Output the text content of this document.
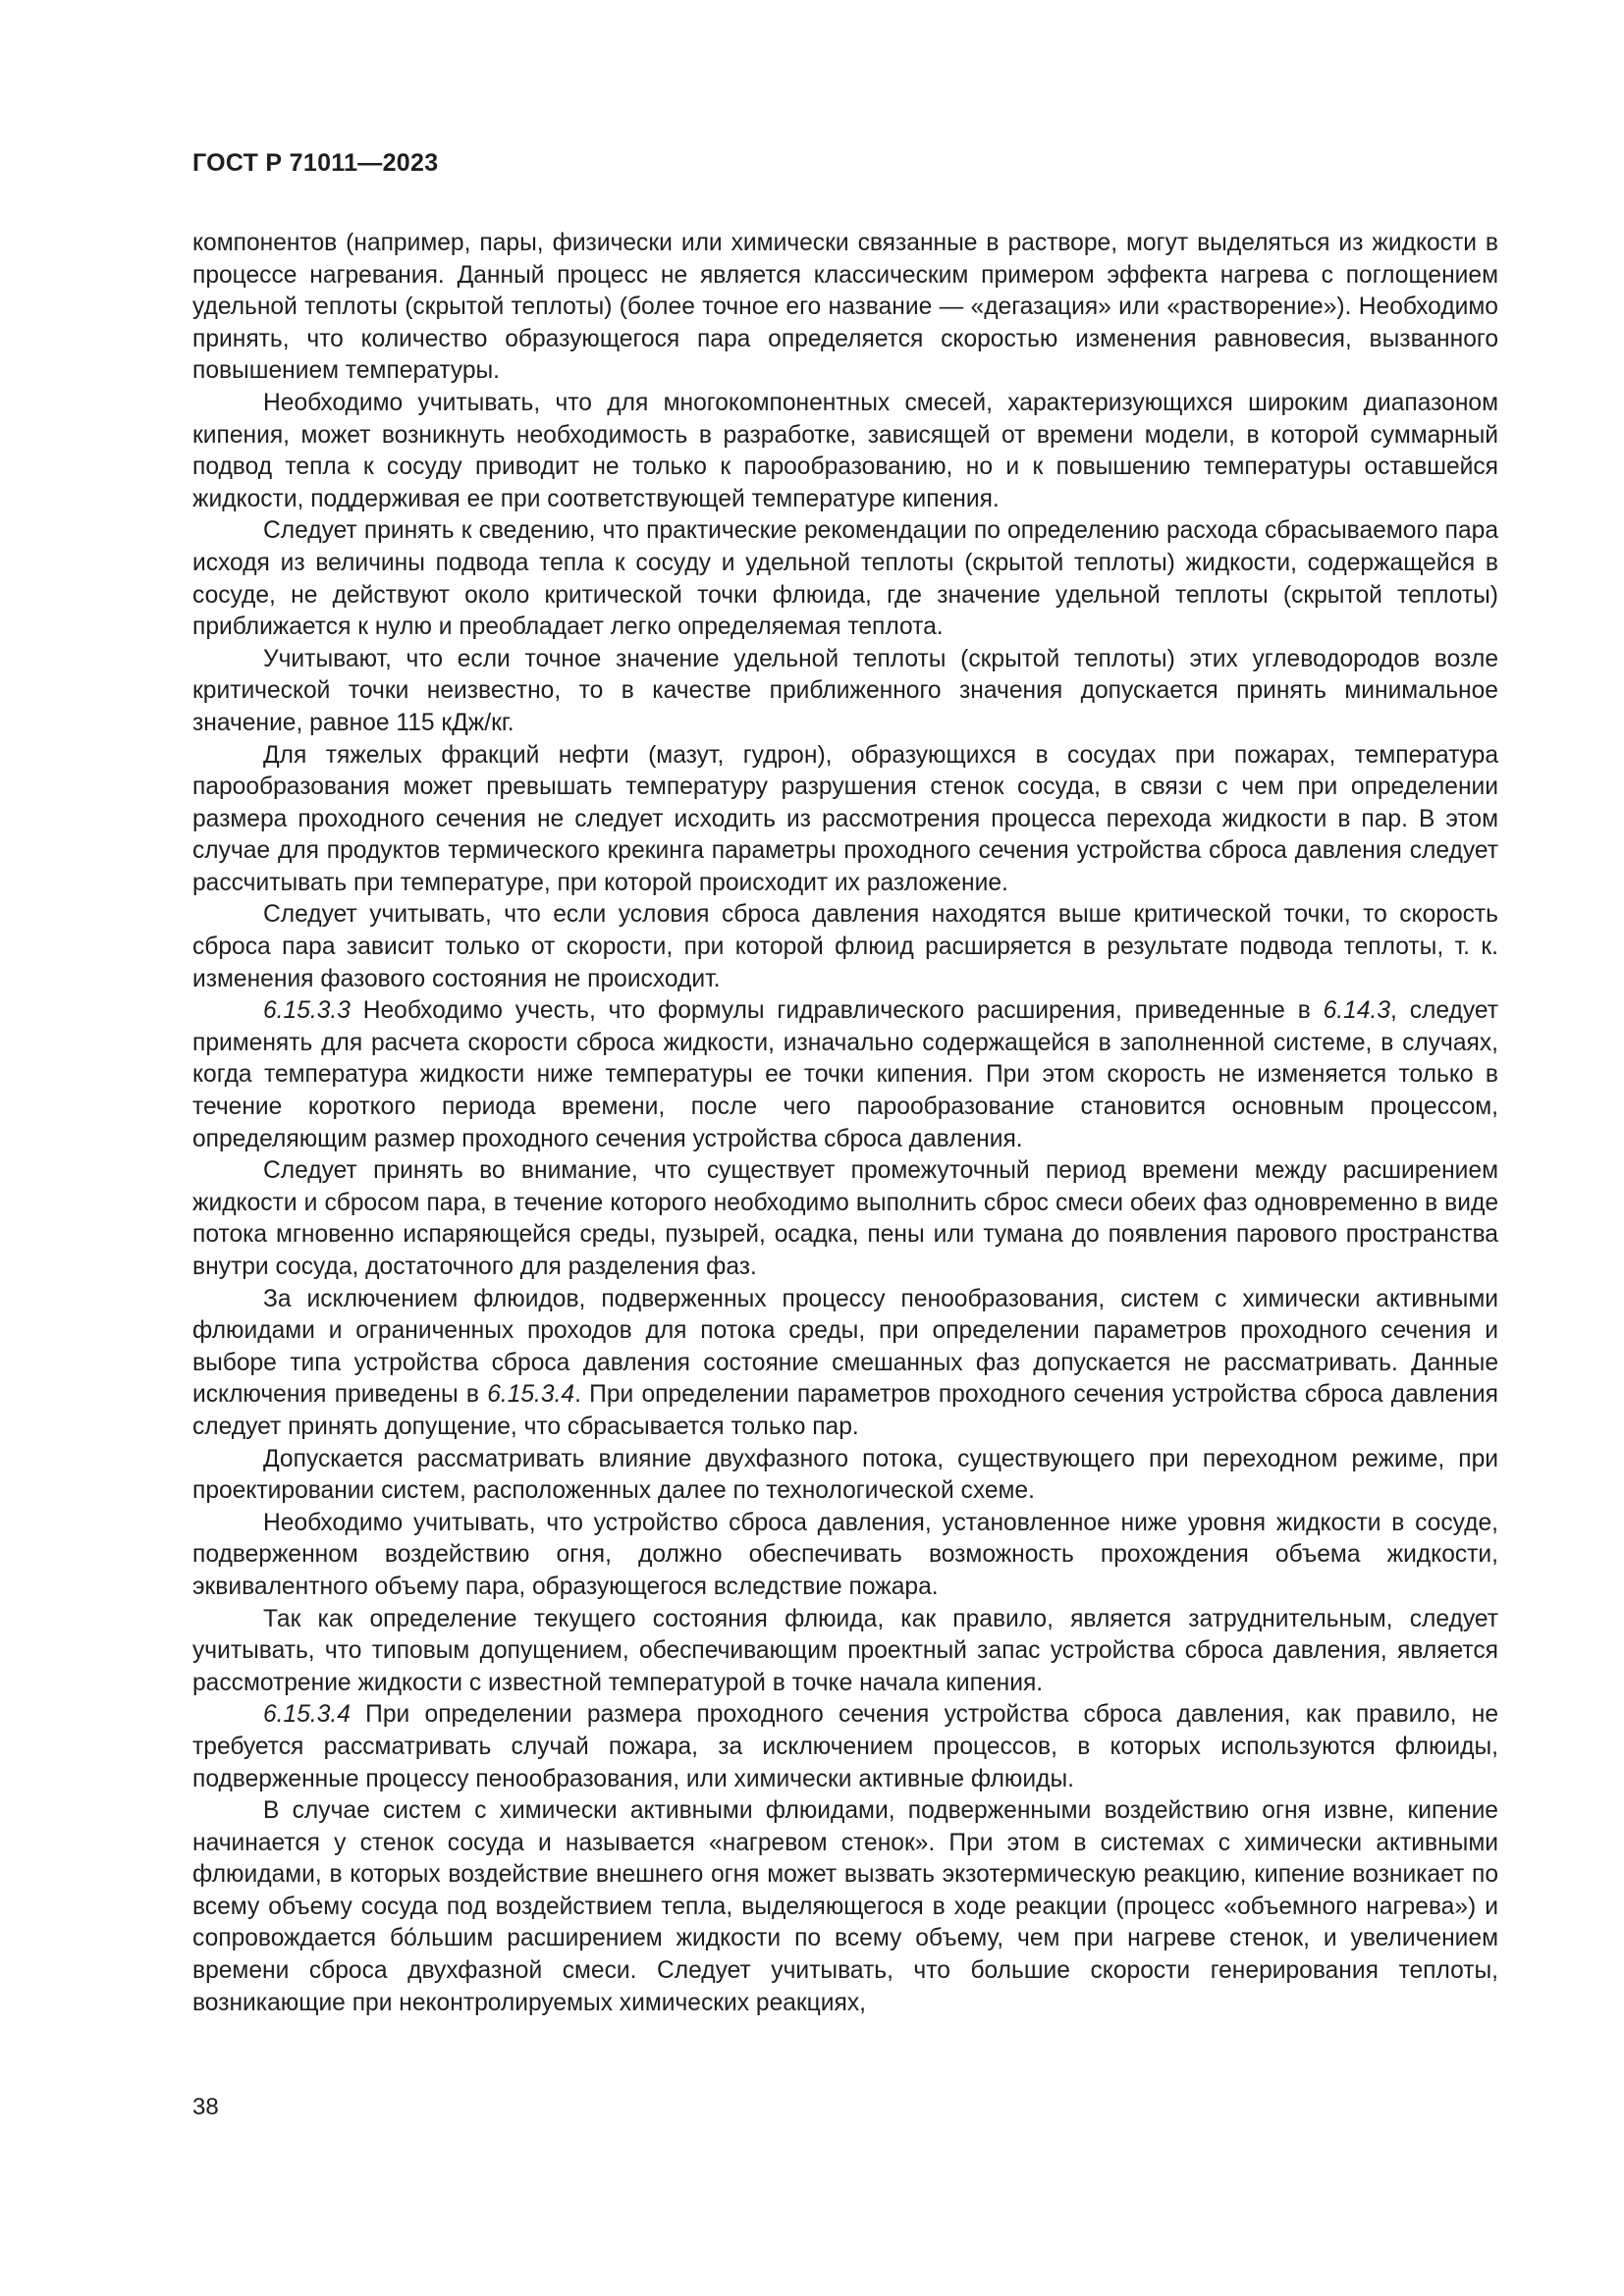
ГОСТ Р 71011—2023

компонентов (например, пары, физически или химически связанные в растворе, могут выделяться из жидкости в процессе нагревания. Данный процесс не является классическим примером эффекта нагрева с поглощением удельной теплоты (скрытой теплоты) (более точное его название — «дегазация» или «растворение»). Необходимо принять, что количество образующегося пара определяется скоростью изменения равновесия, вызванного повышением температуры.

Необходимо учитывать, что для многокомпонентных смесей, характеризующихся широким диапазоном кипения, может возникнуть необходимость в разработке, зависящей от времени модели, в которой суммарный подвод тепла к сосуду приводит не только к парообразованию, но и к повышению температуры оставшейся жидкости, поддерживая ее при соответствующей температуре кипения.

Следует принять к сведению, что практические рекомендации по определению расхода сбрасываемого пара исходя из величины подвода тепла к сосуду и удельной теплоты (скрытой теплоты) жидкости, содержащейся в сосуде, не действуют около критической точки флюида, где значение удельной теплоты (скрытой теплоты) приближается к нулю и преобладает легко определяемая теплота.

Учитывают, что если точное значение удельной теплоты (скрытой теплоты) этих углеводородов возле критической точки неизвестно, то в качестве приближенного значения допускается принять минимальное значение, равное 115 кДж/кг.

Для тяжелых фракций нефти (мазут, гудрон), образующихся в сосудах при пожарах, температура парообразования может превышать температуру разрушения стенок сосуда, в связи с чем при определении размера проходного сечения не следует исходить из рассмотрения процесса перехода жидкости в пар. В этом случае для продуктов термического крекинга параметры проходного сечения устройства сброса давления следует рассчитывать при температуре, при которой происходит их разложение.

Следует учитывать, что если условия сброса давления находятся выше критической точки, то скорость сброса пара зависит только от скорости, при которой флюид расширяется в результате подвода теплоты, т. к. изменения фазового состояния не происходит.

6.15.3.3 Необходимо учесть, что формулы гидравлического расширения, приведенные в 6.14.3, следует применять для расчета скорости сброса жидкости, изначально содержащейся в заполненной системе, в случаях, когда температура жидкости ниже температуры ее точки кипения. При этом скорость не изменяется только в течение короткого периода времени, после чего парообразование становится основным процессом, определяющим размер проходного сечения устройства сброса давления.

Следует принять во внимание, что существует промежуточный период времени между расширением жидкости и сбросом пара, в течение которого необходимо выполнить сброс смеси обеих фаз одновременно в виде потока мгновенно испаряющейся среды, пузырей, осадка, пены или тумана до появления парового пространства внутри сосуда, достаточного для разделения фаз.

За исключением флюидов, подверженных процессу пенообразования, систем с химически активными флюидами и ограниченных проходов для потока среды, при определении параметров проходного сечения и выборе типа устройства сброса давления состояние смешанных фаз допускается не рассматривать. Данные исключения приведены в 6.15.3.4. При определении параметров проходного сечения устройства сброса давления следует принять допущение, что сбрасывается только пар.

Допускается рассматривать влияние двухфазного потока, существующего при переходном режиме, при проектировании систем, расположенных далее по технологической схеме.

Необходимо учитывать, что устройство сброса давления, установленное ниже уровня жидкости в сосуде, подверженном воздействию огня, должно обеспечивать возможность прохождения объема жидкости, эквивалентного объему пара, образующегося вследствие пожара.

Так как определение текущего состояния флюида, как правило, является затруднительным, следует учитывать, что типовым допущением, обеспечивающим проектный запас устройства сброса давления, является рассмотрение жидкости с известной температурой в точке начала кипения.

6.15.3.4 При определении размера проходного сечения устройства сброса давления, как правило, не требуется рассматривать случай пожара, за исключением процессов, в которых используются флюиды, подверженные процессу пенообразования, или химически активные флюиды.

В случае систем с химически активными флюидами, подверженными воздействию огня извне, кипение начинается у стенок сосуда и называется «нагревом стенок». При этом в системах с химически активными флюидами, в которых воздействие внешнего огня может вызвать экзотермическую реакцию, кипение возникает по всему объему сосуда под воздействием тепла, выделяющегося в ходе реакции (процесс «объемного нагрева») и сопровождается бо́льшим расширением жидкости по всему объему, чем при нагреве стенок, и увеличением времени сброса двухфазной смеси. Следует учитывать, что большие скорости генерирования теплоты, возникающие при неконтролируемых химических реакциях,

38
